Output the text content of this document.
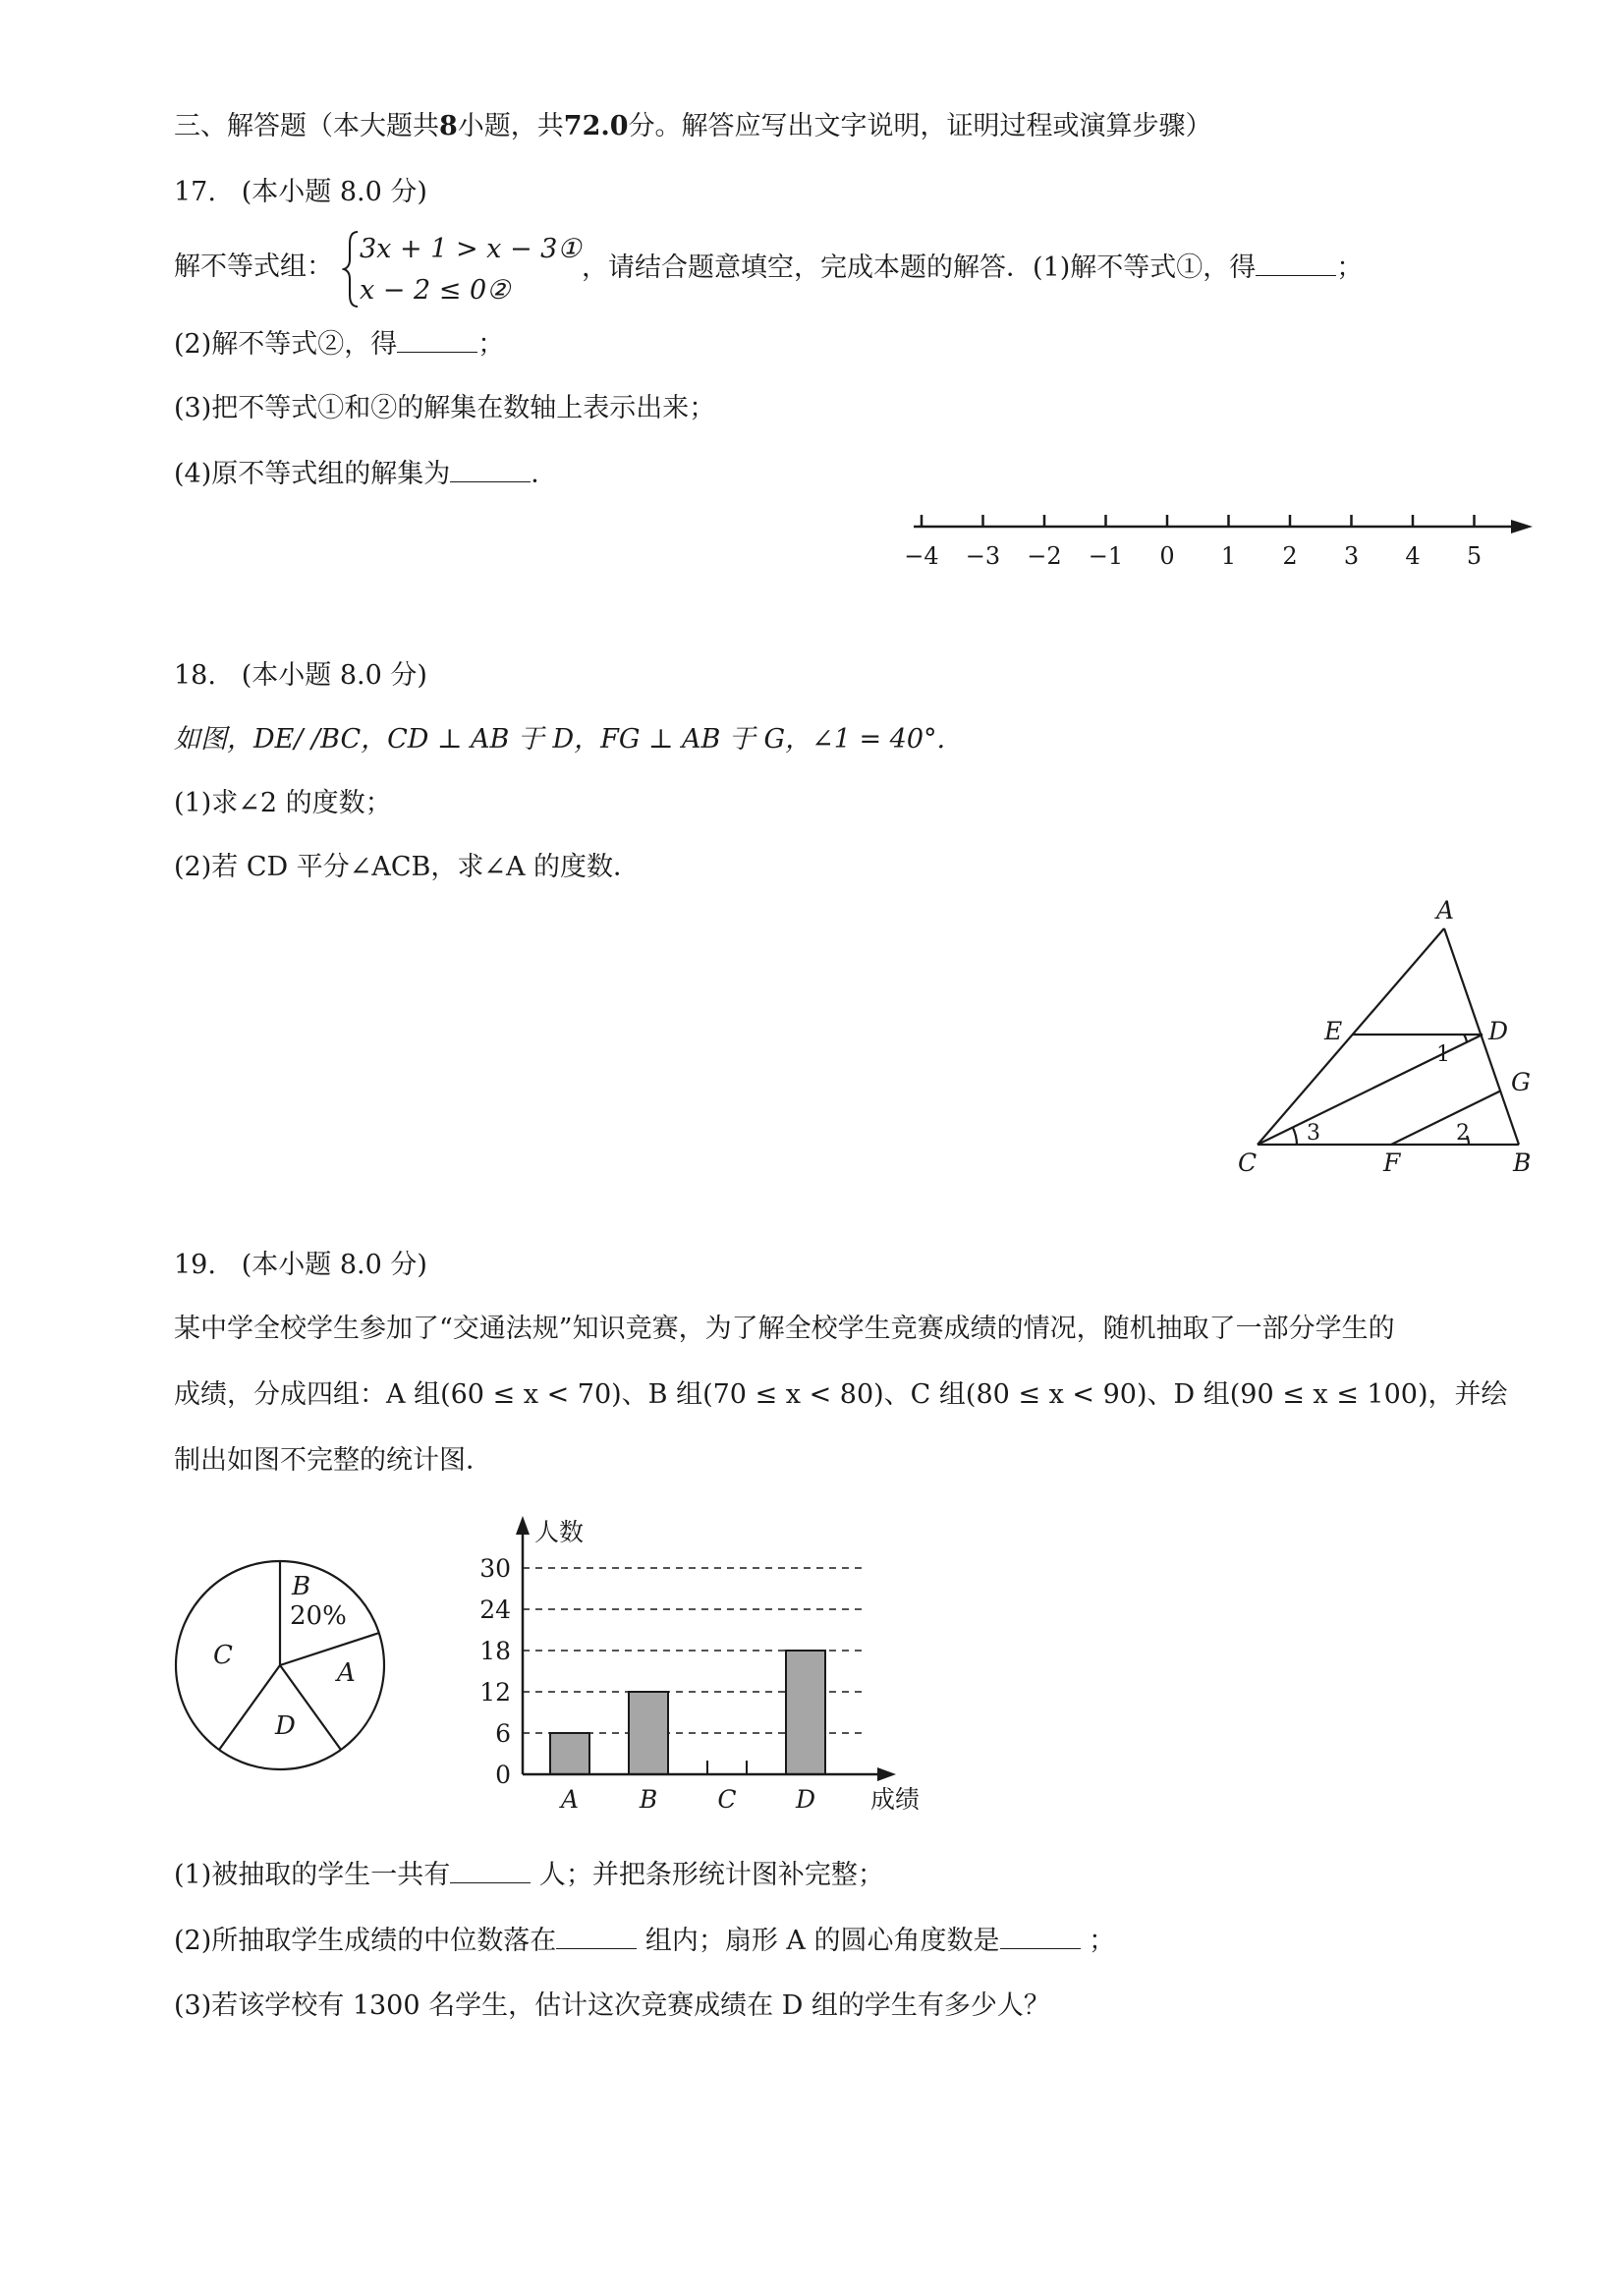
三、解答题（本大题共8小题，共72.0分。解答应写出文字说明，证明过程或演算步骤）
17. (本小题 8.0 分)
解不等式组：
3x + 1 > x − 3①
x − 2 ≤ 0②
，请结合题意填空，完成本题的解答．(1)解不等式①，得	；
(2)解不等式②，得	；
(3)把不等式①和②的解集在数轴上表示出来；
(4)原不等式组的解集为	．
−4 −3 −2 −1 0 1 2 3 4 5
18. (本小题 8.0 分)
如图，DE/ /BC，CD ⊥ AB 于 D，FG ⊥ AB 于 G，∠1 = 40°.
(1)求∠2 的度数；
(2)若 CD 平分∠ACB，求∠A 的度数．
A
E	D
G
C	F	B
1
2
3
19. (本小题 8.0 分)
某中学全校学生参加了“交通法规”知识竞赛，为了解全校学生竞赛成绩的情况，随机抽取了一部分学生的
成绩，分成四组：A 组(60 ≤ x < 70)、B 组(70 ≤ x < 80)、C 组(80 ≤ x < 90)、D 组(90 ≤ x ≤ 100)，并绘
制出如图不完整的统计图．
B
A
C
D
20%
0
6
12
18
24
30
A B C D
人数
成绩
(1)被抽取的学生一共有	人；并把条形统计图补完整；
(2)所抽取学生成绩的中位数落在	组内；扇形 A 的圆心角度数是	；
(3)若该学校有 1300 名学生，估计这次竞赛成绩在 D 组的学生有多少人？
